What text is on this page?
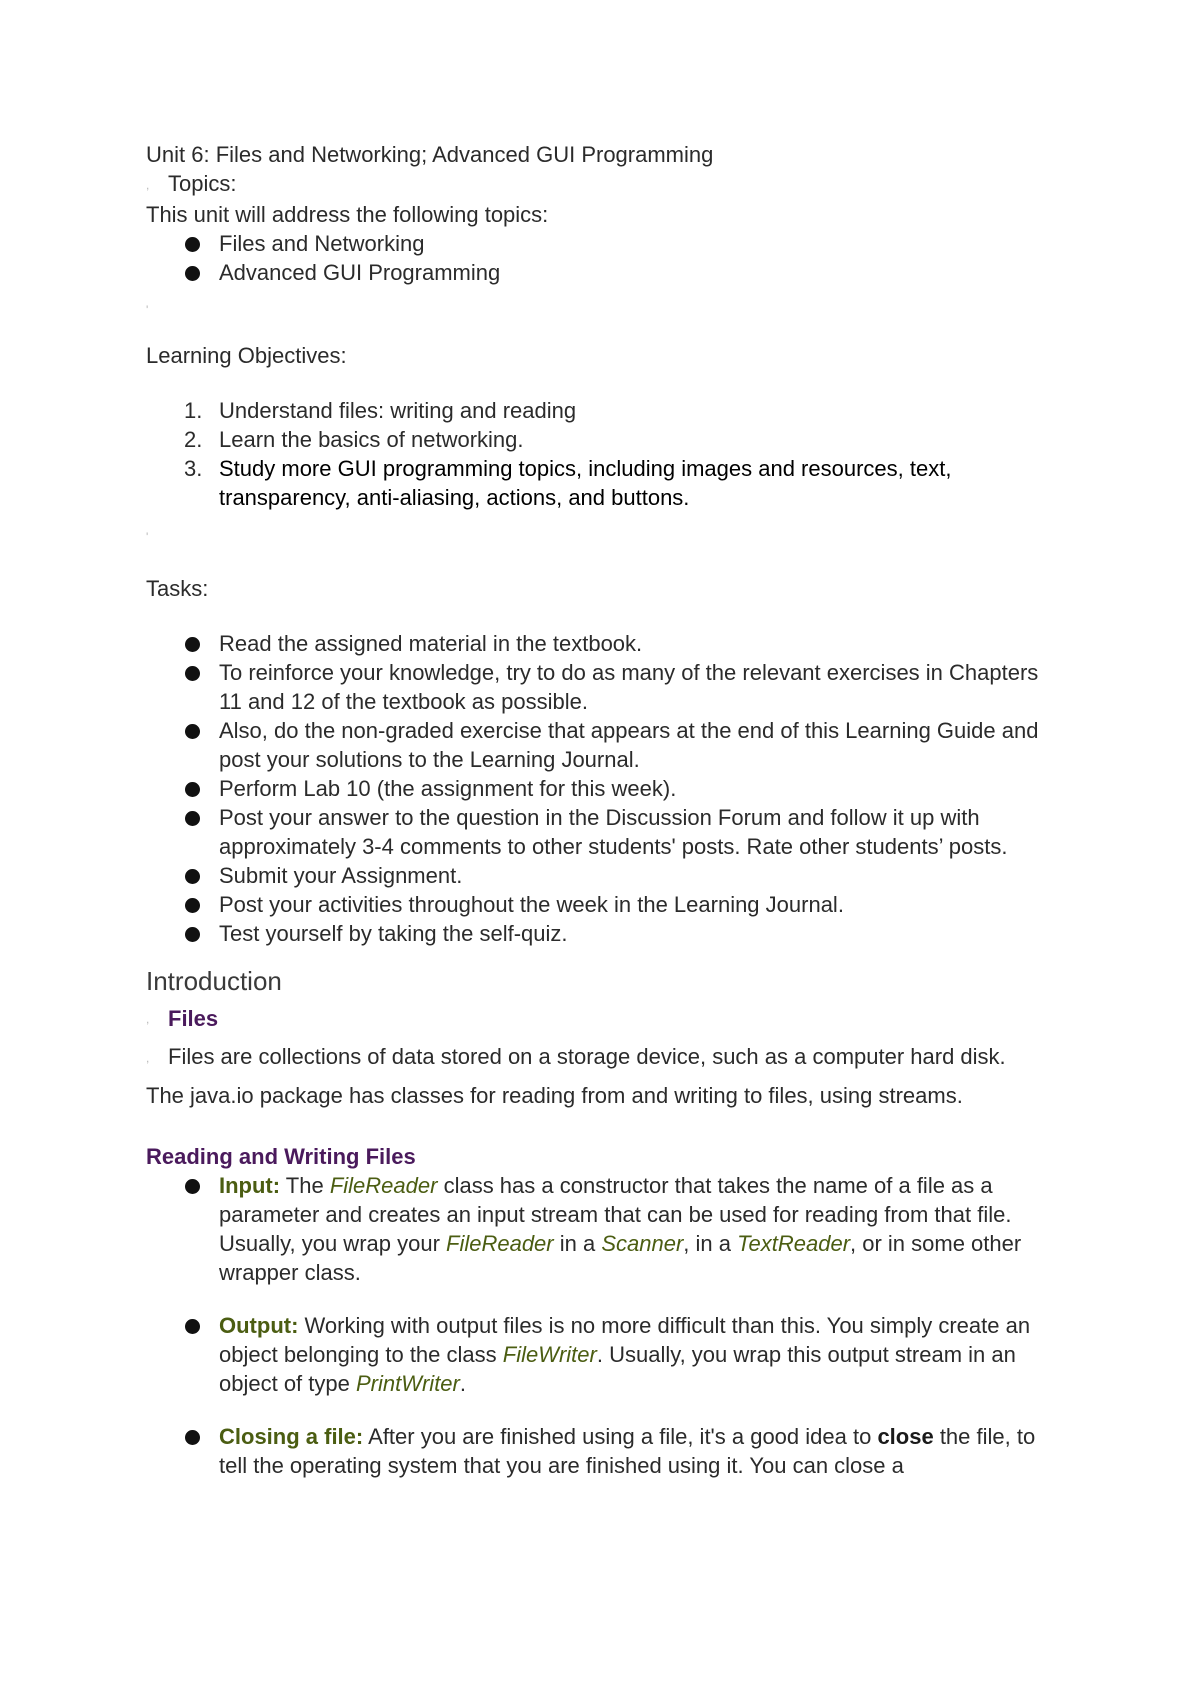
Unit 6: Files and Networking; Advanced GUI Programming

, Topics:

This unit will address the following topics:

Files and Networking
Advanced GUI Programming

'

Learning Objectives:

1. Understand files: writing and reading
2. Learn the basics of networking.
3. Study more GUI programming topics, including images and resources, text, transparency, anti-aliasing, actions, and buttons.

'

Tasks:

Read the assigned material in the textbook.
To reinforce your knowledge, try to do as many of the relevant exercises in Chapters 11 and 12 of the textbook as possible.
Also, do the non-graded exercise that appears at the end of this Learning Guide and post your solutions to the Learning Journal.
Perform Lab 10 (the assignment for this week).
Post your answer to the question in the Discussion Forum and follow it up with approximately 3-4 comments to other students' posts. Rate other students’ posts.
Submit your Assignment.
Post your activities throughout the week in the Learning Journal.
Test yourself by taking the self-quiz.

Introduction

, Files

, Files are collections of data stored on a storage device, such as a computer hard disk.

The java.io package has classes for reading from and writing to files, using streams.

Reading and Writing Files

Input: The FileReader class has a constructor that takes the name of a file as a parameter and creates an input stream that can be used for reading from that file. Usually, you wrap your FileReader in a Scanner, in a TextReader, or in some other wrapper class.
Output: Working with output files is no more difficult than this. You simply create an object belonging to the class FileWriter. Usually, you wrap this output stream in an object of type PrintWriter.
Closing a file: After you are finished using a file, it's a good idea to close the file, to tell the operating system that you are finished using it. You can close a
